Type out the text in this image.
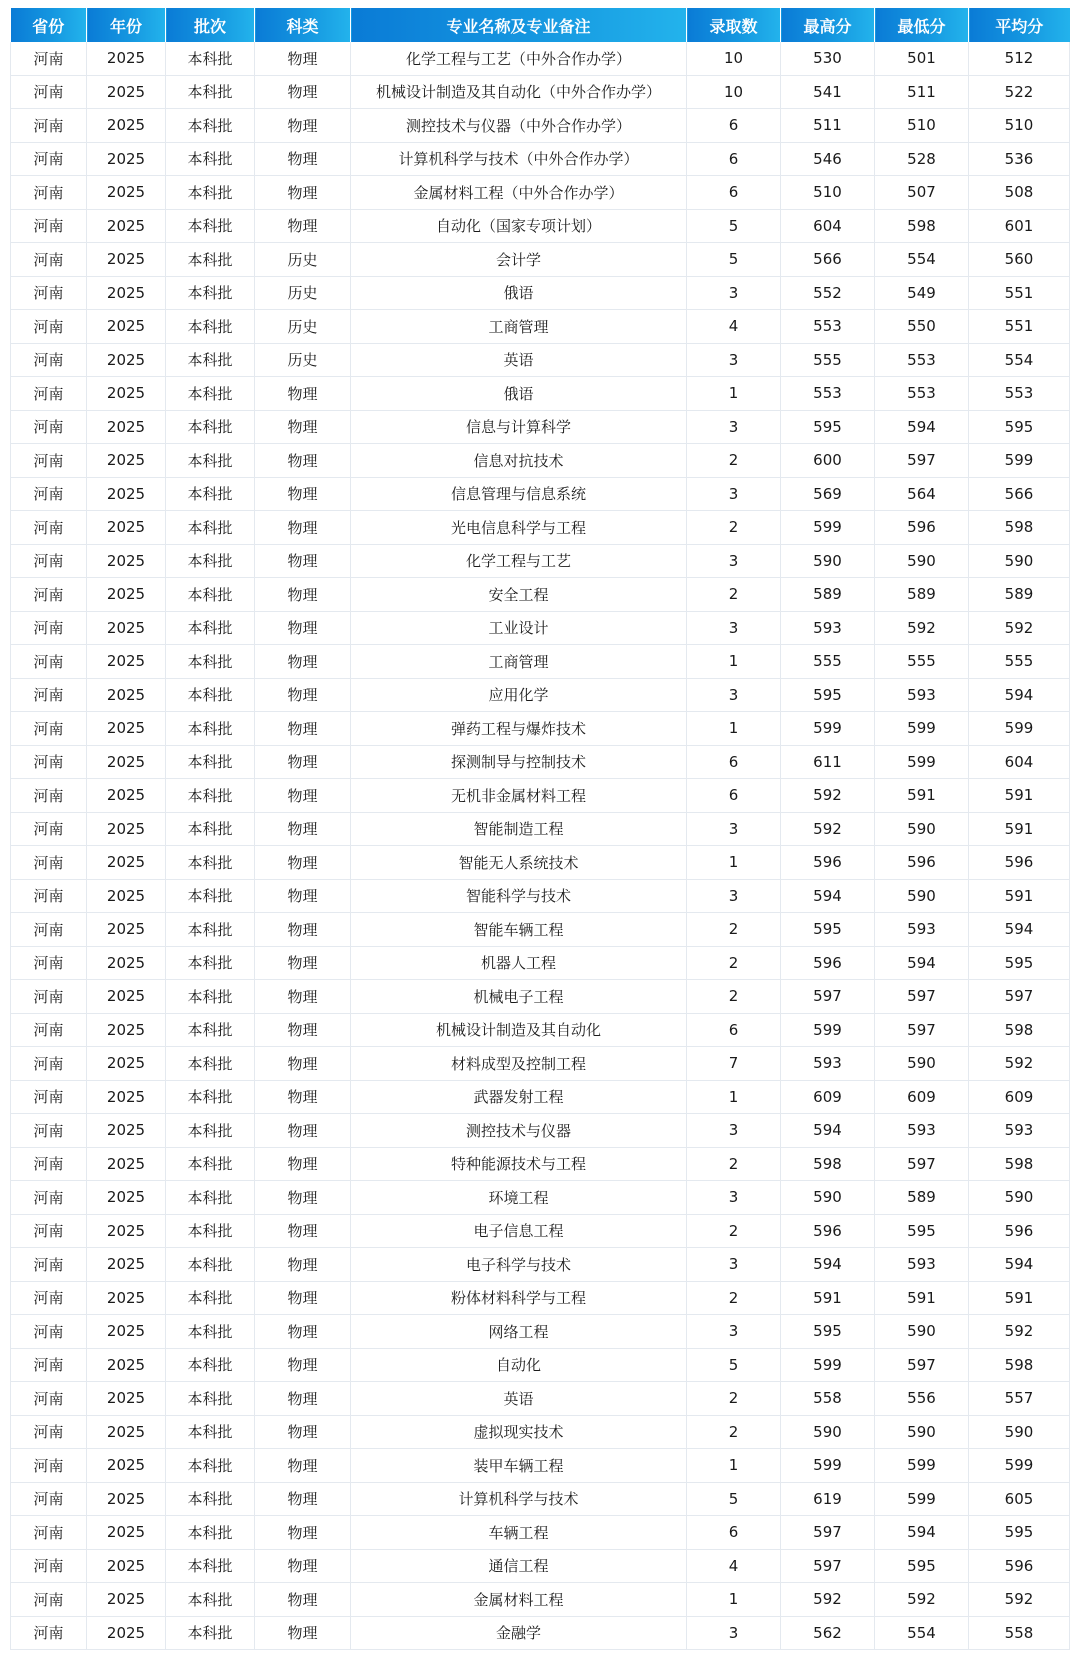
省份	年份	批次	科类	专业名称及专业备注	录取数	最高分	最低分	平均分
河南	2025	本科批	物理	化学工程与工艺（中外合作办学）	10	530	501	512
河南	2025	本科批	物理	机械设计制造及其自动化（中外合作办学）	10	541	511	522
河南	2025	本科批	物理	测控技术与仪器（中外合作办学）	6	511	510	510
河南	2025	本科批	物理	计算机科学与技术（中外合作办学）	6	546	528	536
河南	2025	本科批	物理	金属材料工程（中外合作办学）	6	510	507	508
河南	2025	本科批	物理	自动化（国家专项计划）	5	604	598	601
河南	2025	本科批	历史	会计学	5	566	554	560
河南	2025	本科批	历史	俄语	3	552	549	551
河南	2025	本科批	历史	工商管理	4	553	550	551
河南	2025	本科批	历史	英语	3	555	553	554
河南	2025	本科批	物理	俄语	1	553	553	553
河南	2025	本科批	物理	信息与计算科学	3	595	594	595
河南	2025	本科批	物理	信息对抗技术	2	600	597	599
河南	2025	本科批	物理	信息管理与信息系统	3	569	564	566
河南	2025	本科批	物理	光电信息科学与工程	2	599	596	598
河南	2025	本科批	物理	化学工程与工艺	3	590	590	590
河南	2025	本科批	物理	安全工程	2	589	589	589
河南	2025	本科批	物理	工业设计	3	593	592	592
河南	2025	本科批	物理	工商管理	1	555	555	555
河南	2025	本科批	物理	应用化学	3	595	593	594
河南	2025	本科批	物理	弹药工程与爆炸技术	1	599	599	599
河南	2025	本科批	物理	探测制导与控制技术	6	611	599	604
河南	2025	本科批	物理	无机非金属材料工程	6	592	591	591
河南	2025	本科批	物理	智能制造工程	3	592	590	591
河南	2025	本科批	物理	智能无人系统技术	1	596	596	596
河南	2025	本科批	物理	智能科学与技术	3	594	590	591
河南	2025	本科批	物理	智能车辆工程	2	595	593	594
河南	2025	本科批	物理	机器人工程	2	596	594	595
河南	2025	本科批	物理	机械电子工程	2	597	597	597
河南	2025	本科批	物理	机械设计制造及其自动化	6	599	597	598
河南	2025	本科批	物理	材料成型及控制工程	7	593	590	592
河南	2025	本科批	物理	武器发射工程	1	609	609	609
河南	2025	本科批	物理	测控技术与仪器	3	594	593	593
河南	2025	本科批	物理	特种能源技术与工程	2	598	597	598
河南	2025	本科批	物理	环境工程	3	590	589	590
河南	2025	本科批	物理	电子信息工程	2	596	595	596
河南	2025	本科批	物理	电子科学与技术	3	594	593	594
河南	2025	本科批	物理	粉体材料科学与工程	2	591	591	591
河南	2025	本科批	物理	网络工程	3	595	590	592
河南	2025	本科批	物理	自动化	5	599	597	598
河南	2025	本科批	物理	英语	2	558	556	557
河南	2025	本科批	物理	虚拟现实技术	2	590	590	590
河南	2025	本科批	物理	装甲车辆工程	1	599	599	599
河南	2025	本科批	物理	计算机科学与技术	5	619	599	605
河南	2025	本科批	物理	车辆工程	6	597	594	595
河南	2025	本科批	物理	通信工程	4	597	595	596
河南	2025	本科批	物理	金属材料工程	1	592	592	592
河南	2025	本科批	物理	金融学	3	562	554	558
